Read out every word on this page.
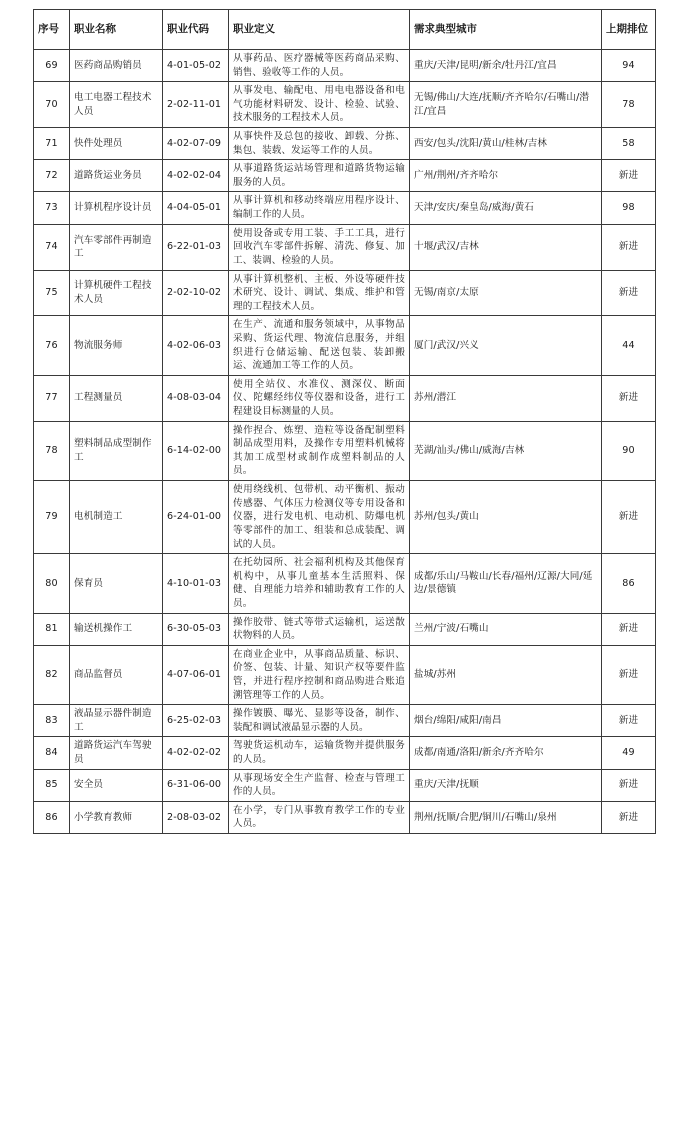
序号	职业名称	职业代码	职业定义	需求典型城市	上期排位
69	医药商品购销员	4-01-05-02	从事药品、医疗器械等医药商品采购、销售、验收等工作的人员。	重庆/天津/昆明/新余/牡丹江/宜昌	94
70	电工电器工程技术人员	2-02-11-01	从事发电、输配电、用电电器设备和电气功能材料研发、设计、检验、试验、技术服务的工程技术人员。	无锡/佛山/大连/抚顺/齐齐哈尔/石嘴山/潜江/宜昌	78
71	快件处理员	4-02-07-09	从事快件及总包的接收、卸载、分拣、集包、装载、发运等工作的人员。	西安/包头/沈阳/黄山/桂林/吉林	58
72	道路货运业务员	4-02-02-04	从事道路货运站场管理和道路货物运输服务的人员。	广州/荆州/齐齐哈尔	新进
73	计算机程序设计员	4-04-05-01	从事计算机和移动终端应用程序设计、编制工作的人员。	天津/安庆/秦皇岛/威海/黄石	98
74	汽车零部件再制造工	6-22-01-03	使用设备或专用工装、手工工具，进行回收汽车零部件拆解、清洗、修复、加工、装调、检验的人员。	十堰/武汉/吉林	新进
75	计算机硬件工程技术人员	2-02-10-02	从事计算机整机、主板、外设等硬件技术研究、设计、调试、集成、维护和管理的工程技术人员。	无锡/南京/太原	新进
76	物流服务师	4-02-06-03	在生产、流通和服务领域中，从事物品采购、货运代理、物流信息服务，并组织进行仓储运输、配送包装、装卸搬运、流通加工等工作的人员。	厦门/武汉/兴义	44
77	工程测量员	4-08-03-04	使用全站仪、水准仪、测深仪、断面仪、陀螺经纬仪等仪器和设备，进行工程建设目标测量的人员。	苏州/潜江	新进
78	塑料制品成型制作工	6-14-02-00	操作捏合、炼塑、造粒等设备配制塑料制品成型用料，及操作专用塑料机械将其加工成型材或制作成塑料制品的人员。	芜湖/汕头/佛山/威海/吉林	90
79	电机制造工	6-24-01-00	使用绕线机、包带机、动平衡机、振动传感器、气体压力检测仪等专用设备和仪器，进行发电机、电动机、防爆电机等零部件的加工、组装和总成装配、调试的人员。	苏州/包头/黄山	新进
80	保育员	4-10-01-03	在托幼园所、社会福利机构及其他保育机构中，从事儿童基本生活照料、保健、自理能力培养和辅助教育工作的人员。	成都/乐山/马鞍山/长春/福州/辽源/大同/延边/景德镇	86
81	输送机操作工	6-30-05-03	操作胶带、链式等带式运输机，运送散状物料的人员。	兰州/宁波/石嘴山	新进
82	商品监督员	4-07-06-01	在商业企业中，从事商品质量、标识、价签、包装、计量、知识产权等要件监管，并进行程序控制和商品购进合账追溯管理等工作的人员。	盐城/苏州	新进
83	液晶显示器件制造工	6-25-02-03	操作镀膜、曝光、显影等设备，制作、装配和调试液晶显示器的人员。	烟台/绵阳/咸阳/南昌	新进
84	道路货运汽车驾驶员	4-02-02-02	驾驶货运机动车，运输货物并提供服务的人员。	成都/南通/洛阳/新余/齐齐哈尔	49
85	安全员	6-31-06-00	从事现场安全生产监督、检查与管理工作的人员。	重庆/天津/抚顺	新进
86	小学教育教师	2-08-03-02	在小学，专门从事教育教学工作的专业人员。	荆州/抚顺/合肥/铜川/石嘴山/泉州	新进
